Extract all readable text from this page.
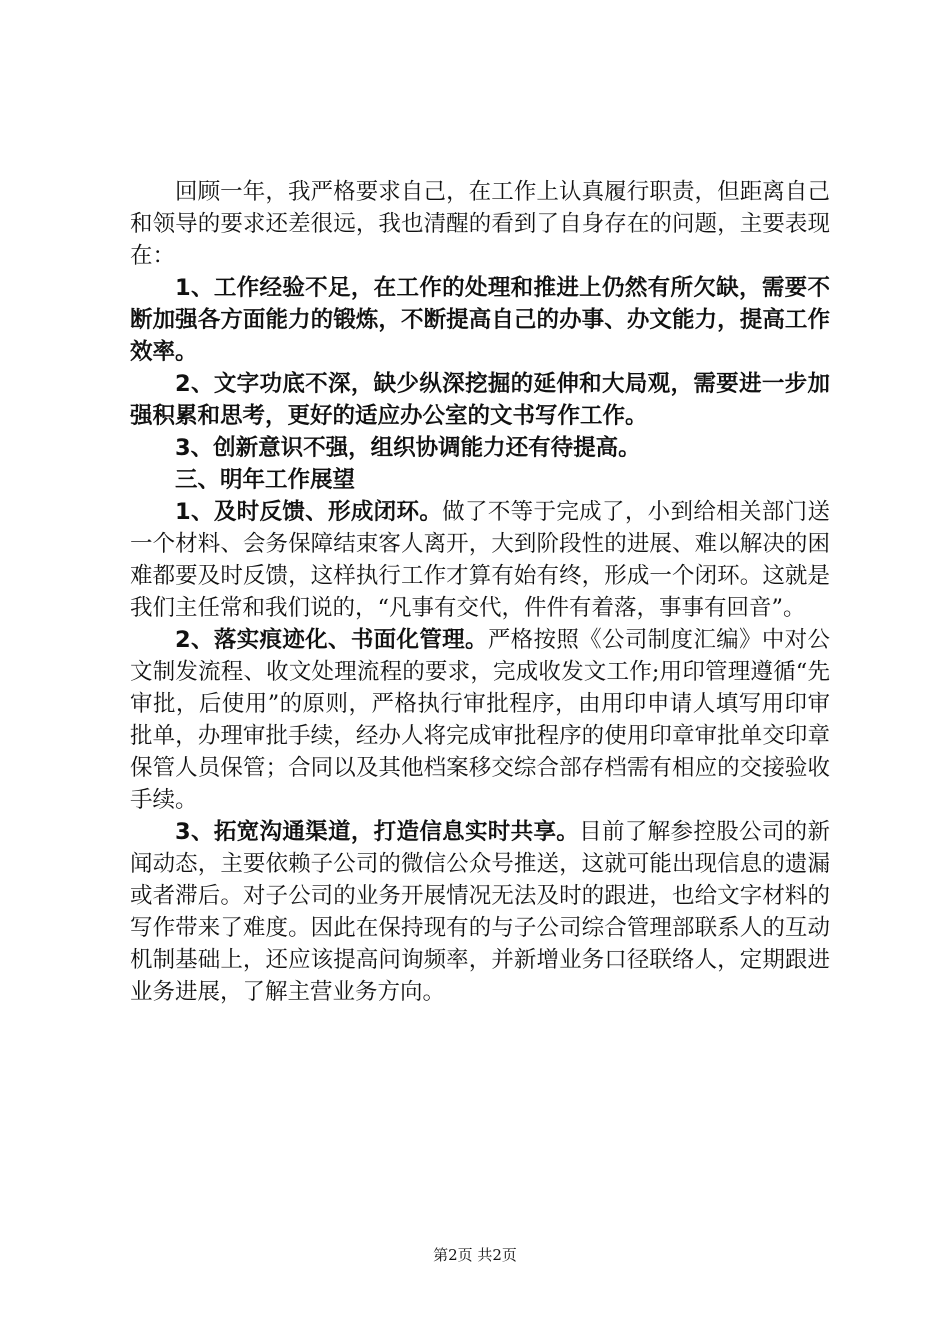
回顾一年，我严格要求自己，在工作上认真履行职责，但距离自己和领导的要求还差很远，我也清醒的看到了自身存在的问题，主要表现在：

1、工作经验不足，在工作的处理和推进上仍然有所欠缺，需要不断加强各方面能力的锻炼，不断提高自己的办事、办文能力，提高工作效率。

2、文字功底不深，缺少纵深挖掘的延伸和大局观，需要进一步加强积累和思考，更好的适应办公室的文书写作工作。

3、创新意识不强，组织协调能力还有待提高。

三、明年工作展望

1、及时反馈、形成闭环。做了不等于完成了，小到给相关部门送一个材料、会务保障结束客人离开，大到阶段性的进展、难以解决的困难都要及时反馈，这样执行工作才算有始有终，形成一个闭环。这就是我们主任常和我们说的，“凡事有交代，件件有着落，事事有回音”。

2、落实痕迹化、书面化管理。严格按照《公司制度汇编》中对公文制发流程、收文处理流程的要求，完成收发文工作;用印管理遵循“先审批，后使用”的原则，严格执行审批程序，由用印申请人填写用印审批单，办理审批手续，经办人将完成审批程序的使用印章审批单交印章保管人员保管；合同以及其他档案移交综合部存档需有相应的交接验收手续。

3、拓宽沟通渠道，打造信息实时共享。目前了解参控股公司的新闻动态，主要依赖子公司的微信公众号推送，这就可能出现信息的遗漏或者滞后。对子公司的业务开展情况无法及时的跟进，也给文字材料的写作带来了难度。因此在保持现有的与子公司综合管理部联系人的互动机制基础上，还应该提高问询频率，并新增业务口径联络人，定期跟进业务进展，了解主营业务方向。

第2页 共2页
